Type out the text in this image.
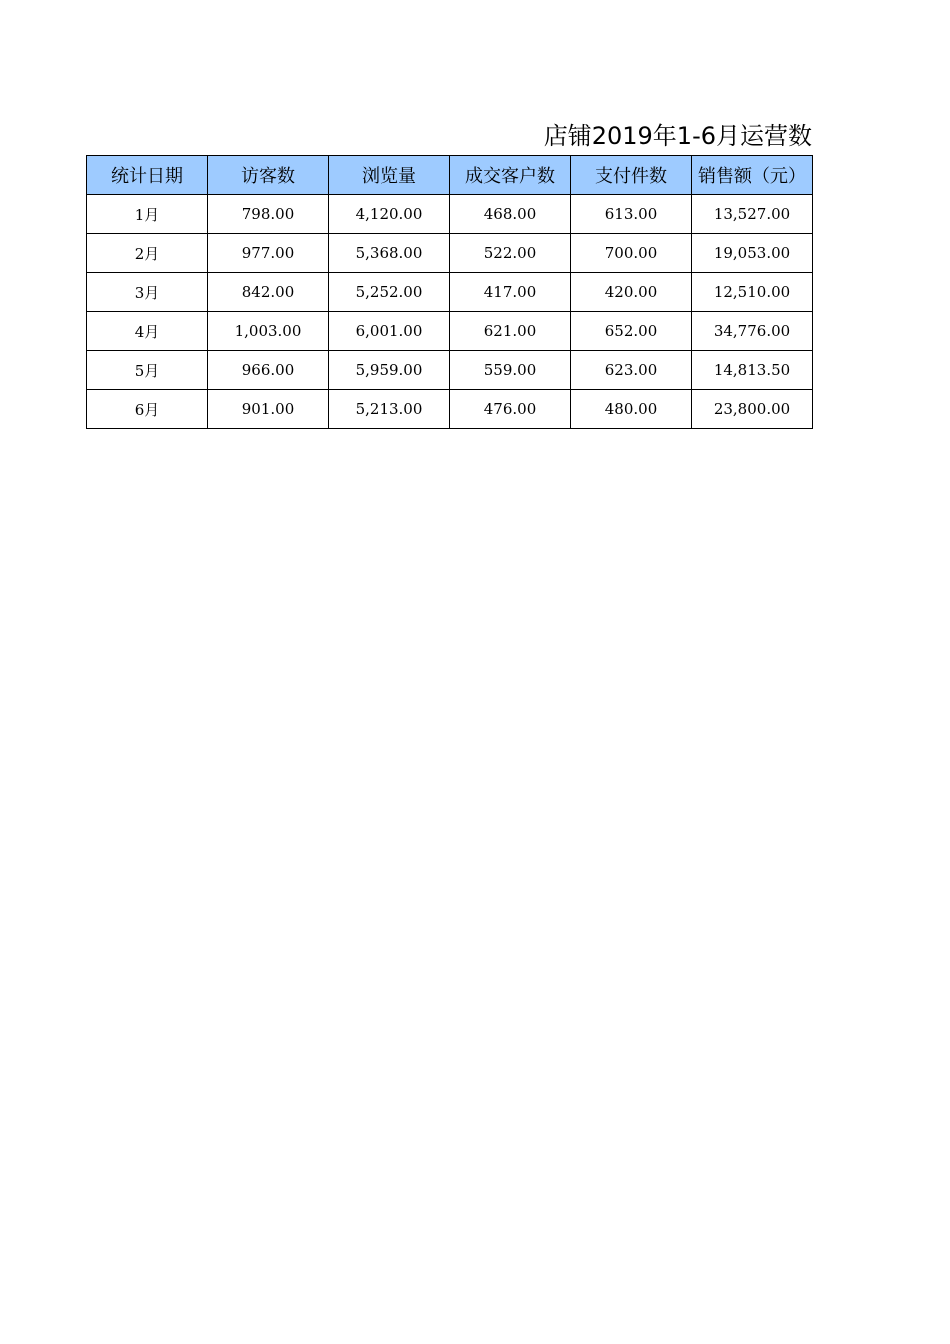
店铺2019年1-6月运营数
统计日期	访客数	浏览量	成交客户数	支付件数	销售额（元）
1月	798.00	4,120.00	468.00	613.00	13,527.00
2月	977.00	5,368.00	522.00	700.00	19,053.00
3月	842.00	5,252.00	417.00	420.00	12,510.00
4月	1,003.00	6,001.00	621.00	652.00	34,776.00
5月	966.00	5,959.00	559.00	623.00	14,813.50
6月	901.00	5,213.00	476.00	480.00	23,800.00
